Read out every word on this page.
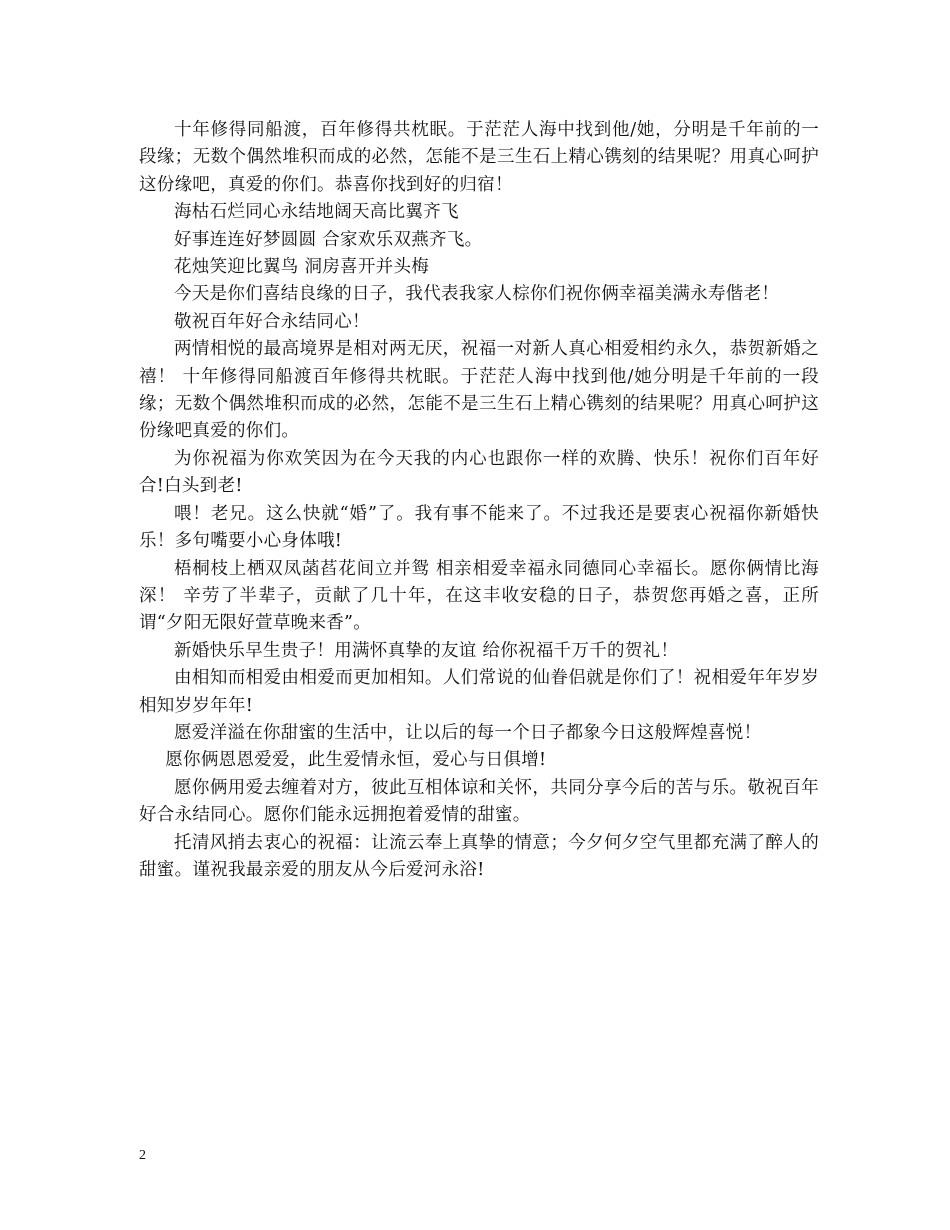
十年修得同船渡，百年修得共枕眠。于茫茫人海中找到他/她，分明是千年前的一段缘；无数个偶然堆积而成的必然，怎能不是三生石上精心镌刻的结果呢？用真心呵护这份缘吧，真爱的你们。恭喜你找到好的归宿！

海枯石烂同心永结地阔天高比翼齐飞

好事连连好梦圆圆 合家欢乐双燕齐飞。

花烛笑迎比翼鸟 洞房喜开并头梅

今天是你们喜结良缘的日子，我代表我家人棕你们祝你俩幸福美满永寿偕老！

敬祝百年好合永结同心！

两情相悦的最高境界是相对两无厌，祝福一对新人真心相爱相约永久，恭贺新婚之禧！ 十年修得同船渡百年修得共枕眠。于茫茫人海中找到他/她分明是千年前的一段缘；无数个偶然堆积而成的必然，怎能不是三生石上精心镌刻的结果呢？用真心呵护这份缘吧真爱的你们。

为你祝福为你欢笑因为在今天我的内心也跟你一样的欢腾、快乐！祝你们百年好合!白头到老!

喂！老兄。这么快就“婚”了。我有事不能来了。不过我还是要衷心祝福你新婚快乐！多句嘴要小心身体哦!

梧桐枝上栖双凤菡萏花间立并鸳 相亲相爱幸福永同德同心幸福长。愿你俩情比海深！ 辛劳了半辈子，贡献了几十年，在这丰收安稳的日子，恭贺您再婚之喜，正所谓“夕阳无限好萱草晚来香”。

新婚快乐早生贵子！用满怀真挚的友谊 给你祝福千万千的贺礼！

由相知而相爱由相爱而更加相知。人们常说的仙眷侣就是你们了！祝相爱年年岁岁相知岁岁年年!

愿爱洋溢在你甜蜜的生活中，让以后的每一个日子都象今日这般辉煌喜悦！

愿你俩恩恩爱爱，此生爱情永恒，爱心与日俱增!

愿你俩用爱去缠着对方，彼此互相体谅和关怀，共同分享今后的苦与乐。敬祝百年好合永结同心。愿你们能永远拥抱着爱情的甜蜜。

托清风捎去衷心的祝福：让流云奉上真挚的情意；今夕何夕空气里都充满了醉人的甜蜜。谨祝我最亲爱的朋友从今后爱河永浴!

2
